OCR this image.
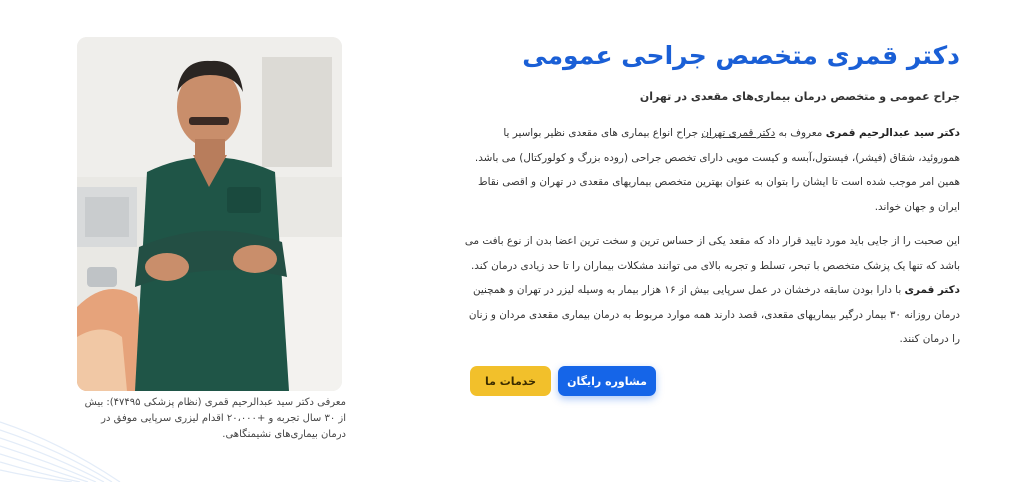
معرفی دکتر سید عبدالرحیم قمری (نظام پزشکی ۴۷۴۹۵): بیش از ۳۰ سال تجربه و +۲۰،۰۰۰ اقدام لیزری سرپایی موفق در درمان بیماری‌های نشیمنگاهی.
دکتر قمری متخصص جراحی عمومی
جراح عمومی و متخصص درمان بیماری‌های مقعدی در تهران

دکتر سید عبدالرحیم قمری معروف به دکتر قمری تهران جراح انواع بیماری های مقعدی نظیر بواسیر یا هموروئید، شقاق (فیشر)، فیستول،آبسه و کیست مویی دارای تخصص جراحی (روده بزرگ و کولورکتال) می باشد. همین امر موجب شده است تا ایشان را بتوان به عنوان بهترین متخصص بیماریهای مقعدی در تهران و اقصی نقاط ایران و جهان خواند.

این صحبت را از جایی باید مورد تایید قرار داد که مقعد یکی از حساس ترین و سخت ترین اعضا بدن از نوع بافت می باشد که تنها یک پزشک متخصص با تبحر، تسلط و تجربه بالای می توانند مشکلات بیماران را تا حد زیادی درمان کند. دکتر قمری با دارا بودن سابقه درخشان در عمل سرپایی بیش از ۱۶ هزار بیمار به وسیله لیزر در تهران و همچنین درمان روزانه ۳۰ بیمار درگیر بیماریهای مقعدی، قصد دارند همه موارد مربوط به درمان بیماری مقعدی مردان و زنان را درمان کنند.

مشاوره رایگان
خدمات ما
